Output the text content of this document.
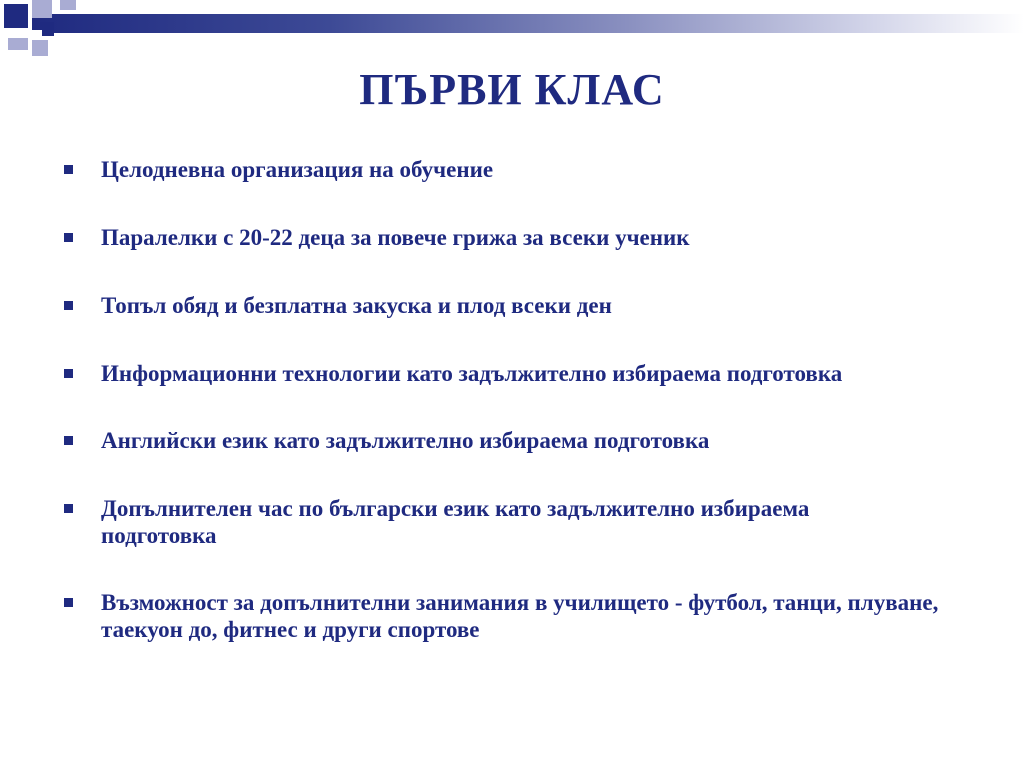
ПЪРВИ КЛАС
Целодневна организация на обучение
Паралелки с 20-22 деца за повече грижа за всеки ученик
Топъл обяд и безплатна закуска и плод всеки ден
Информационни технологии като задължително избираема подготовка
Английски език като задължително избираема подготовка
Допълнителен час по български език като задължително избираема подготовка
Възможност за допълнителни занимания в училището - футбол, танци, плуване, таекуон до, фитнес и други спортове
